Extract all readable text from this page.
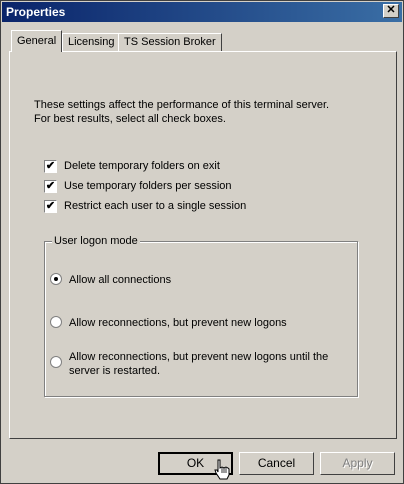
Properties	✕
General	Licensing TS Session Broker
These settings affect the performance of this terminal server.
For best results, select all check boxes.
✔ Delete temporary folders on exit
✔ Use temporary folders per session
✔ Restrict each user to a single session
User logon mode
Allow all connections
Allow reconnections, but prevent new logons
Allow reconnections, but prevent new logons until the
server is restarted.
OK	Cancel	Apply
